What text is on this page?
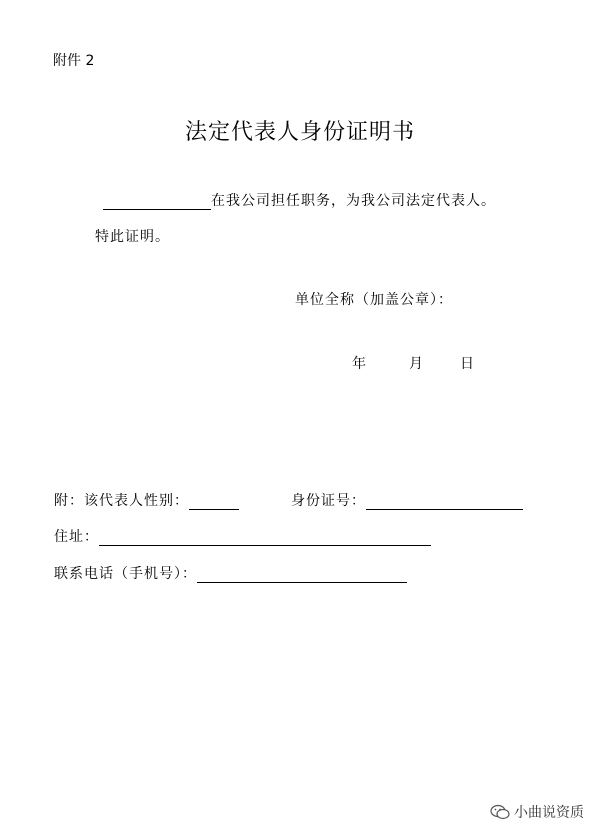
附件 2
法定代表人身份证明书
在我公司担任职务，为我公司法定代表人。
特此证明。
单位全称（加盖公章）：
年	月	日
附：该代表人性别：	身份证号：
住址：
联系电话（手机号）：
小曲说资质
